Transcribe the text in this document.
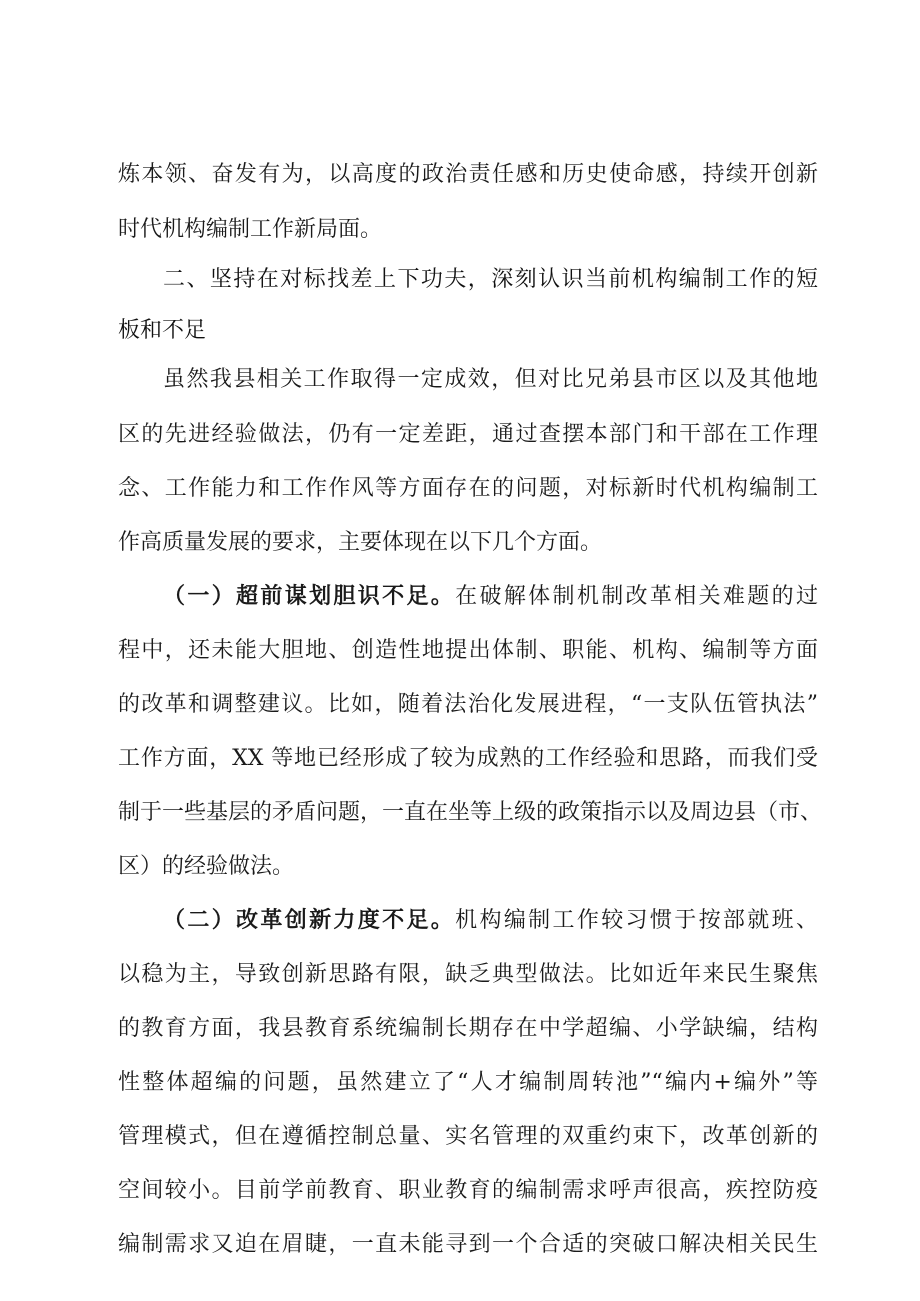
炼本领、奋发有为，以高度的政治责任感和历史使命感，持续开创新

时代机构编制工作新局面。

二、坚持在对标找差上下功夫，深刻认识当前机构编制工作的短

板和不足

虽然我县相关工作取得一定成效，但对比兄弟县市区以及其他地

区的先进经验做法，仍有一定差距，通过查摆本部门和干部在工作理

念、工作能力和工作作风等方面存在的问题，对标新时代机构编制工

作高质量发展的要求，主要体现在以下几个方面。

（一）超前谋划胆识不足。在破解体制机制改革相关难题的过

程中，还未能大胆地、创造性地提出体制、职能、机构、编制等方面

的改革和调整建议。比如，随着法治化发展进程，“一支队伍管执法”

工作方面，XX 等地已经形成了较为成熟的工作经验和思路，而我们受

制于一些基层的矛盾问题，一直在坐等上级的政策指示以及周边县（市、

区）的经验做法。

（二）改革创新力度不足。机构编制工作较习惯于按部就班、

以稳为主，导致创新思路有限，缺乏典型做法。比如近年来民生聚焦

的教育方面，我县教育系统编制长期存在中学超编、小学缺编，结构

性整体超编的问题，虽然建立了“人才编制周转池”“编内+编外”等

管理模式，但在遵循控制总量、实名管理的双重约束下，改革创新的

空间较小。目前学前教育、职业教育的编制需求呼声很高，疾控防疫

编制需求又迫在眉睫，一直未能寻到一个合适的突破口解决相关民生
